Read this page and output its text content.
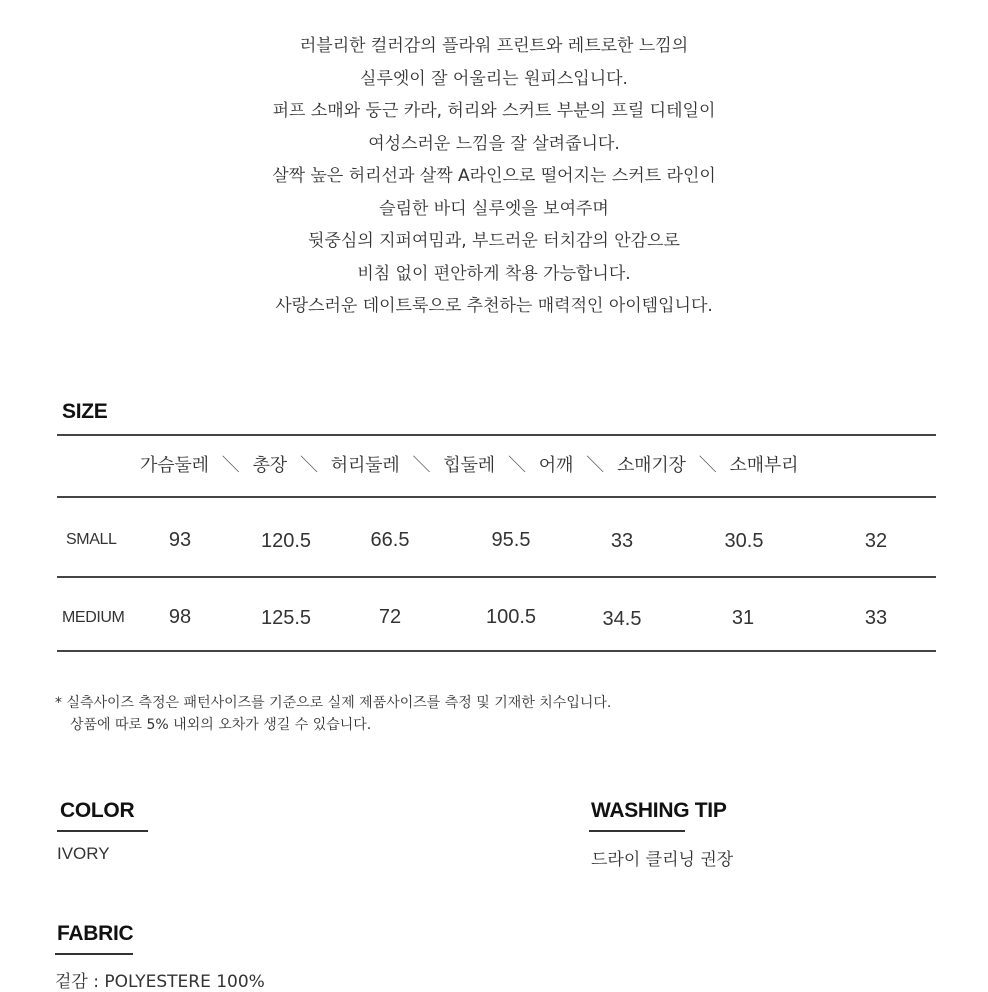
러블리한 컬러감의 플라워 프린트와 레트로한 느낌의
실루엣이 잘 어울리는 원피스입니다.
퍼프 소매와 둥근 카라, 허리와 스커트 부분의 프릴 디테일이
여성스러운 느낌을 잘 살려줍니다.
살짝 높은 허리선과 살짝 A라인으로 떨어지는 스커트 라인이
슬림한 바디 실루엣을 보여주며
뒷중심의 지퍼여밈과, 부드러운 터치감의 안감으로
비침 없이 편안하게 착용 가능합니다.
사랑스러운 데이트룩으로 추천하는 매력적인 아이템입니다.
SIZE
가슴둘레 ＼ 총장 ＼ 허리둘레 ＼ 힙둘레 ＼ 어깨 ＼ 소매기장 ＼ 소매부리
SMALL	93	120.5	66.5	95.5	33	30.5	32
MEDIUM 98	125.5	72	100.5	34.5	31	33
* 실측사이즈 측정은 패턴사이즈를 기준으로 실제 제품사이즈를 측정 및 기재한 치수입니다.
상품에 따로 5% 내외의 오차가 생길 수 있습니다.
COLOR
IVORY
WASHING TIP
드라이 클리닝 권장
FABRIC
겉감 : POLYESTERE 100%
